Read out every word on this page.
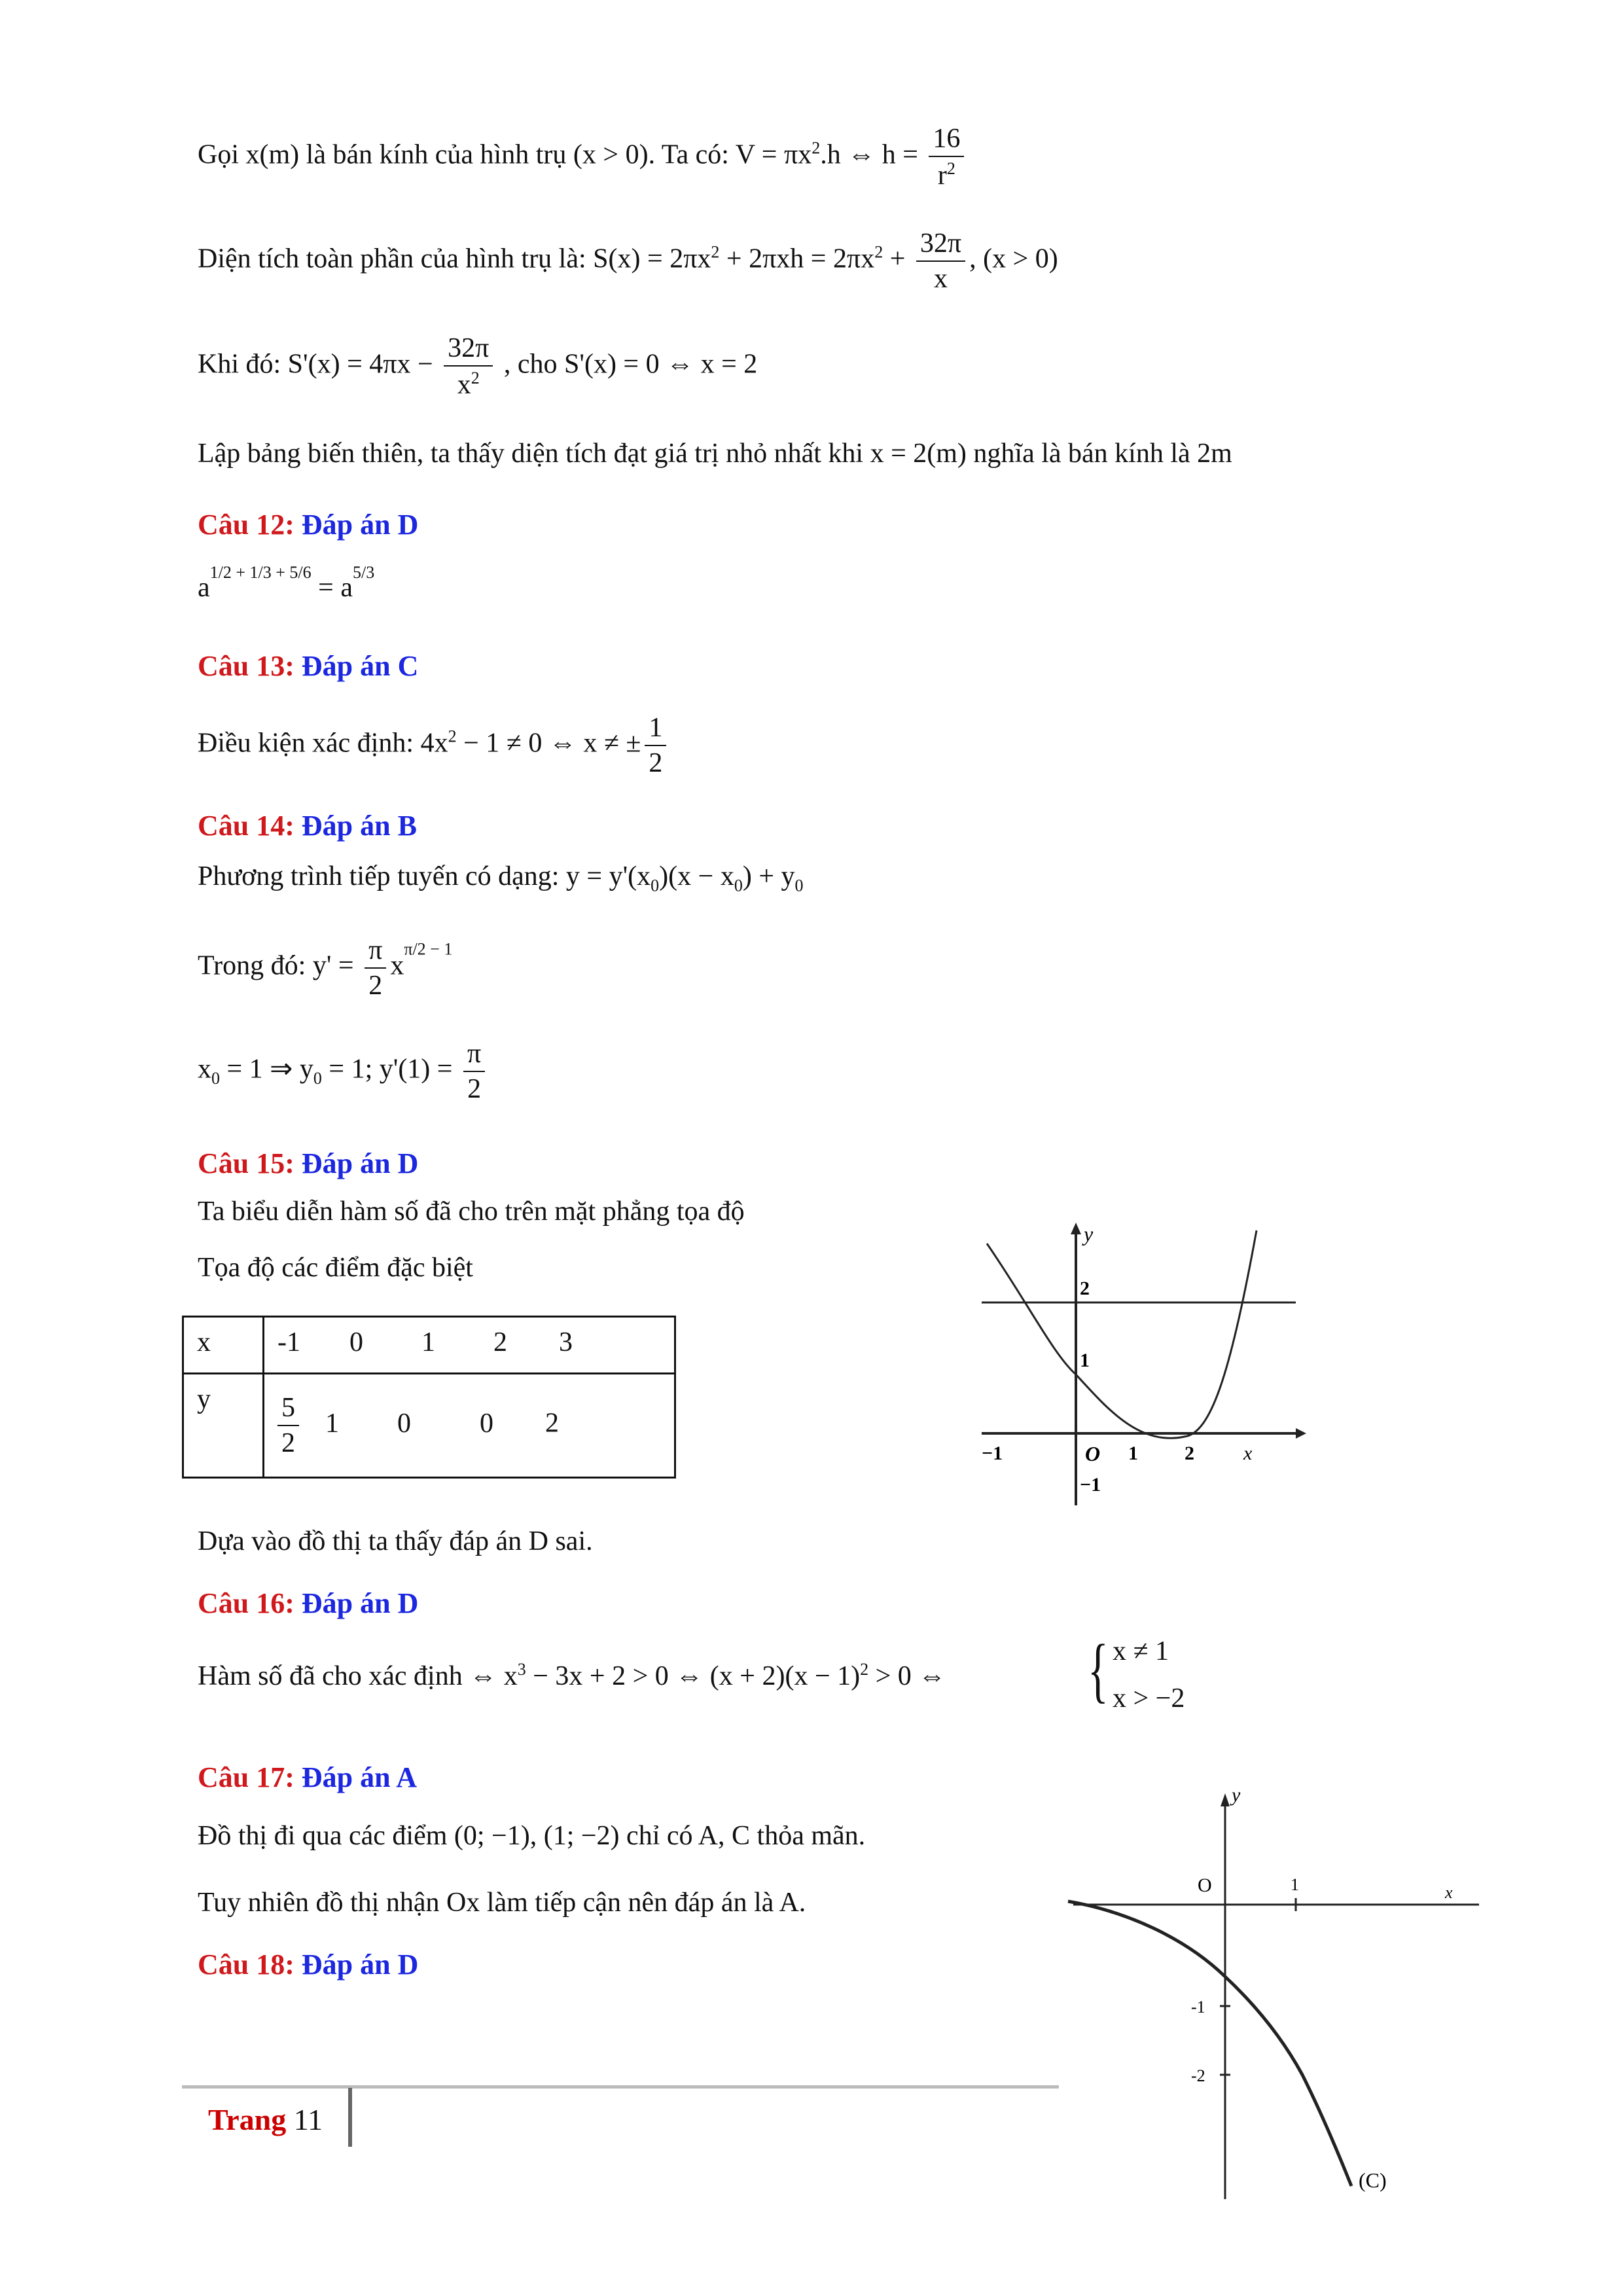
Gọi x(m) là bán kính của hình trụ (x > 0). Ta có: $V = \pi x^2.h$ ⇔ $h = \frac{16}{r^2}$
Diện tích toàn phần của hình trụ là: $S(x) = 2\pi x^2 + 2\pi xh = 2\pi x^2 + \frac{32\pi}{x}$ , (x > 0)
Khi đó: $S'(x) = 4\pi x - \frac{32\pi}{x^2}$ , cho S'(x) = 0 ⇔ x = 2
Lập bảng biến thiên, ta thấy diện tích đạt giá trị nhỏ nhất khi x = 2(m) nghĩa là bán kính là 2m
Câu 12: Đáp án D
$a^{1/2 + 1/3 + 5/6} = a^{5/3}$
Câu 13: Đáp án C
Điều kiện xác định: $4x^2 - 1 \ne 0$ ⇔ x ≠ ± $\frac{1}{2}$
Câu 14: Đáp án B
Phương trình tiếp tuyến có dạng: $y = y'(x_0)(x - x_0) + y_0$
Trong đó: $y' = \frac{\pi}{2} x^{\pi/2 - 1}$
$x_0 = 1$ ⇒ $y_0 = 1$; $y'(1) = \frac{\pi}{2}$
Câu 15: Đáp án D
Ta biểu diễn hàm số đã cho trên mặt phẳng tọa độ
Tọa độ các điểm đặc biệt
x	-1 0 1 2 3
y	$\frac{5}{2} 1$ 0 0 2
y
2
1
−1
−1	O 1 2	x
Dựa vào đồ thị ta thấy đáp án D sai.
Câu 16: Đáp án D
Hàm số đã cho xác định ⇔ $x^3 - 3x + 2 > 0$ ⇔ $(x + 2)(x - 1)^2 > 0$ ⇔ { x ≠ 1
x > −2
Câu 17: Đáp án A
Đồ thị đi qua các điểm (0; −1), (1; −2) chỉ có A, C thỏa mãn.
Tuy nhiên đồ thị nhận Ox làm tiếp cận nên đáp án là A.
y
O	1	x
-1
-2
(C)
Câu 18: Đáp án D
Trang 11
